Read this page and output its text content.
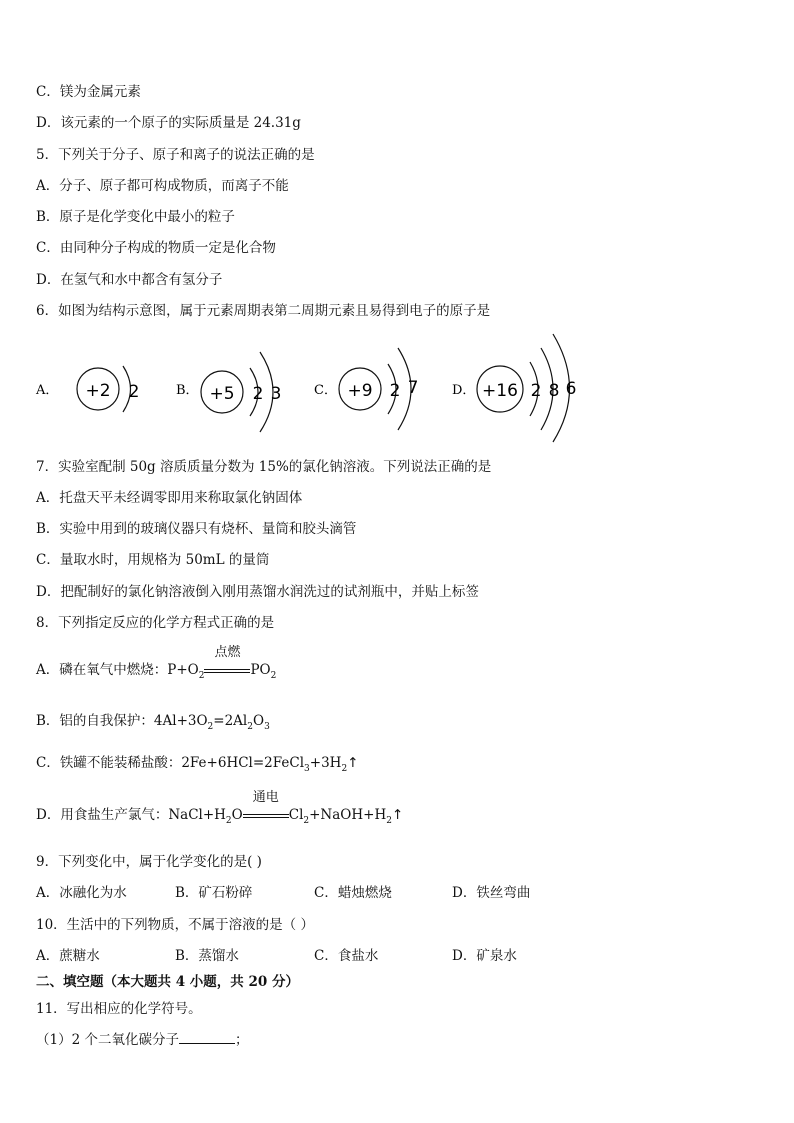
C．镁为金属元素
D．该元素的一个原子的实际质量是 24.31g
5．下列关于分子、原子和离子的说法正确的是
A．分子、原子都可构成物质，而离子不能
B．原子是化学变化中最小的粒子
C．由同种分子构成的物质一定是化合物
D．在氢气和水中都含有氢分子
6．如图为结构示意图，属于元素周期表第二周期元素且易得到电子的原子是
A． +2 2	B． +5 2 3	C． +9 2 7	D． +16 2 8 6
7．实验室配制 50g 溶质质量分数为 15%的氯化钠溶液。下列说法正确的是
A．托盘天平未经调零即用来称取氯化钠固体
B．实验中用到的玻璃仪器只有烧杯、量筒和胶头滴管
C．量取水时，用规格为 50mL 的量筒
D．把配制好的氯化钠溶液倒入刚用蒸馏水润洗过的试剂瓶中，并贴上标签
8．下列指定反应的化学方程式正确的是
A．磷在氧气中燃烧：$P+O_2$
点燃
$PO_2$
B．铝的自我保护：$4Al+3O_2=2Al_2O_3$
C．铁罐不能装稀盐酸：$2Fe+6HCl=2FeCl_3+3H_2↑$
D．用食盐生产氯气：$NaCl+H_2O$
通电
$Cl_2+NaOH+H_2↑$
9．下列变化中，属于化学变化的是( )
A．冰融化为水	B．矿石粉碎	C．蜡烛燃烧	D．铁丝弯曲
10．生活中的下列物质，不属于溶液的是（ ）
A．蔗糖水	B．蒸馏水	C．食盐水	D．矿泉水
二、填空题（本大题共 4 小题，共 20 分）
11．写出相应的化学符号。
（1）2 个二氧化碳分子	；
